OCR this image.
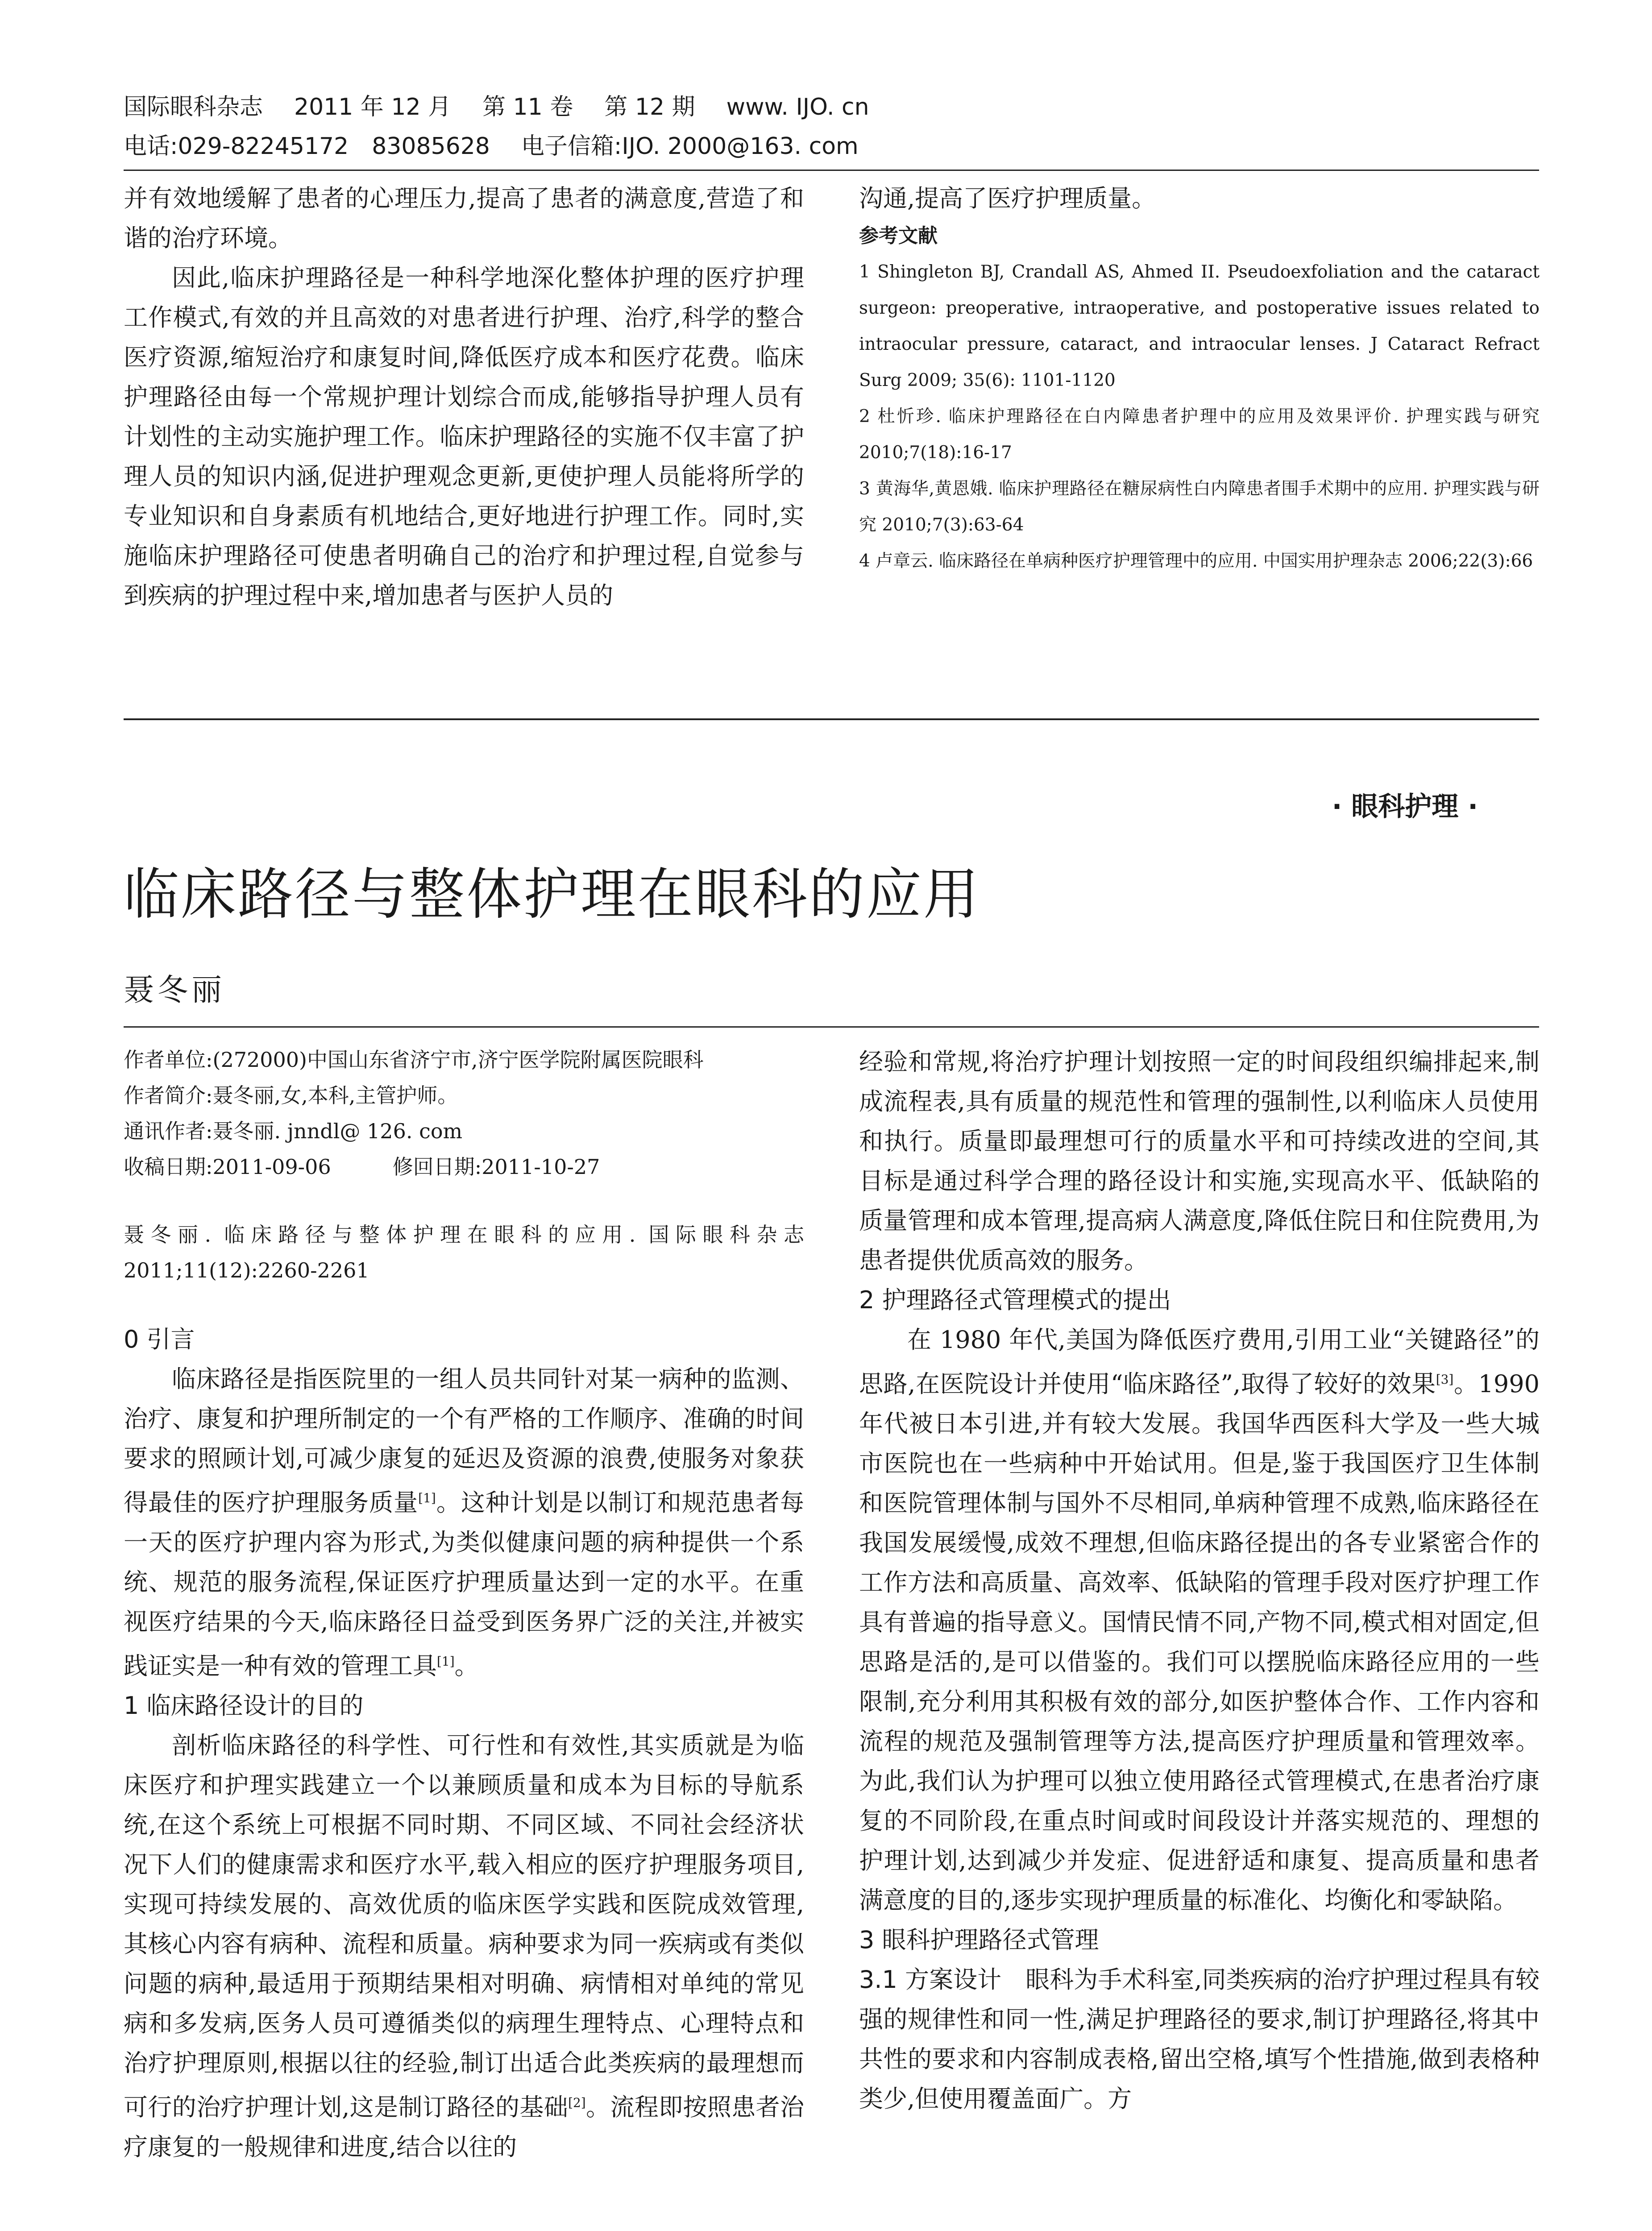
国际眼科杂志 2011 年 12 月 第 11 卷 第 12 期 www. IJO. cn
电话:029-82245172　83085628 电子信箱:IJO. 2000@163. com

并有效地缓解了患者的心理压力,提高了患者的满意度,营造了和谐的治疗环境。

因此,临床护理路径是一种科学地深化整体护理的医疗护理工作模式,有效的并且高效的对患者进行护理、治疗,科学的整合医疗资源,缩短治疗和康复时间,降低医疗成本和医疗花费。临床护理路径由每一个常规护理计划综合而成,能够指导护理人员有计划性的主动实施护理工作。临床护理路径的实施不仅丰富了护理人员的知识内涵,促进护理观念更新,更使护理人员能将所学的专业知识和自身素质有机地结合,更好地进行护理工作。同时,实施临床护理路径可使患者明确自己的治疗和护理过程,自觉参与到疾病的护理过程中来,增加患者与医护人员的

沟通,提高了医疗护理质量。

参考文献
1 Shingleton BJ, Crandall AS, Ahmed II. Pseudoexfoliation and the cataract surgeon: preoperative, intraoperative, and postoperative issues related to intraocular pressure, cataract, and intraocular lenses. J Cataract Refract Surg 2009; 35(6): 1101-1120
2 杜忻珍. 临床护理路径在白内障患者护理中的应用及效果评价. 护理实践与研究 2010;7(18):16-17
3 黄海华,黄恩娥. 临床护理路径在糖尿病性白内障患者围手术期中的应用. 护理实践与研究 2010;7(3):63-64
4 卢章云. 临床路径在单病种医疗护理管理中的应用. 中国实用护理杂志 2006;22(3):66
· 眼科护理 ·
临床路径与整体护理在眼科的应用
聂冬丽
作者单位:(272000)中国山东省济宁市,济宁医学院附属医院眼科
作者简介:聂冬丽,女,本科,主管护师。
通讯作者:聂冬丽. jnndl@ 126. com
收稿日期:2011-09-06　　　修回日期:2011-10-27
聂冬丽. 临床路径与整体护理在眼科的应用. 国际眼科杂志 2011;11(12):2260-2261
0 引言

临床路径是指医院里的一组人员共同针对某一病种的监测、治疗、康复和护理所制定的一个有严格的工作顺序、准确的时间要求的照顾计划,可减少康复的延迟及资源的浪费,使服务对象获得最佳的医疗护理服务质量[1]。这种计划是以制订和规范患者每一天的医疗护理内容为形式,为类似健康问题的病种提供一个系统、规范的服务流程,保证医疗护理质量达到一定的水平。在重视医疗结果的今天,临床路径日益受到医务界广泛的关注,并被实践证实是一种有效的管理工具[1]。

1 临床路径设计的目的

剖析临床路径的科学性、可行性和有效性,其实质就是为临床医疗和护理实践建立一个以兼顾质量和成本为目标的导航系统,在这个系统上可根据不同时期、不同区域、不同社会经济状况下人们的健康需求和医疗水平,载入相应的医疗护理服务项目,实现可持续发展的、高效优质的临床医学实践和医院成效管理,其核心内容有病种、流程和质量。病种要求为同一疾病或有类似问题的病种,最适用于预期结果相对明确、病情相对单纯的常见病和多发病,医务人员可遵循类似的病理生理特点、心理特点和治疗护理原则,根据以往的经验,制订出适合此类疾病的最理想而可行的治疗护理计划,这是制订路径的基础[2]。流程即按照患者治疗康复的一般规律和进度,结合以往的

经验和常规,将治疗护理计划按照一定的时间段组织编排起来,制成流程表,具有质量的规范性和管理的强制性,以利临床人员使用和执行。质量即最理想可行的质量水平和可持续改进的空间,其目标是通过科学合理的路径设计和实施,实现高水平、低缺陷的质量管理和成本管理,提高病人满意度,降低住院日和住院费用,为患者提供优质高效的服务。

2 护理路径式管理模式的提出

在 1980 年代,美国为降低医疗费用,引用工业“关键路径”的思路,在医院设计并使用“临床路径”,取得了较好的效果[3]。1990 年代被日本引进,并有较大发展。我国华西医科大学及一些大城市医院也在一些病种中开始试用。但是,鉴于我国医疗卫生体制和医院管理体制与国外不尽相同,单病种管理不成熟,临床路径在我国发展缓慢,成效不理想,但临床路径提出的各专业紧密合作的工作方法和高质量、高效率、低缺陷的管理手段对医疗护理工作具有普遍的指导意义。国情民情不同,产物不同,模式相对固定,但思路是活的,是可以借鉴的。我们可以摆脱临床路径应用的一些限制,充分利用其积极有效的部分,如医护整体合作、工作内容和流程的规范及强制管理等方法,提高医疗护理质量和管理效率。为此,我们认为护理可以独立使用路径式管理模式,在患者治疗康复的不同阶段,在重点时间或时间段设计并落实规范的、理想的护理计划,达到减少并发症、促进舒适和康复、提高质量和患者满意度的目的,逐步实现护理质量的标准化、均衡化和零缺陷。

3 眼科护理路径式管理

3.1 方案设计　 眼科为手术科室,同类疾病的治疗护理过程具有较强的规律性和同一性,满足护理路径的要求,制订护理路径,将其中共性的要求和内容制成表格,留出空格,填写个性措施,做到表格种类少,但使用覆盖面广。方
